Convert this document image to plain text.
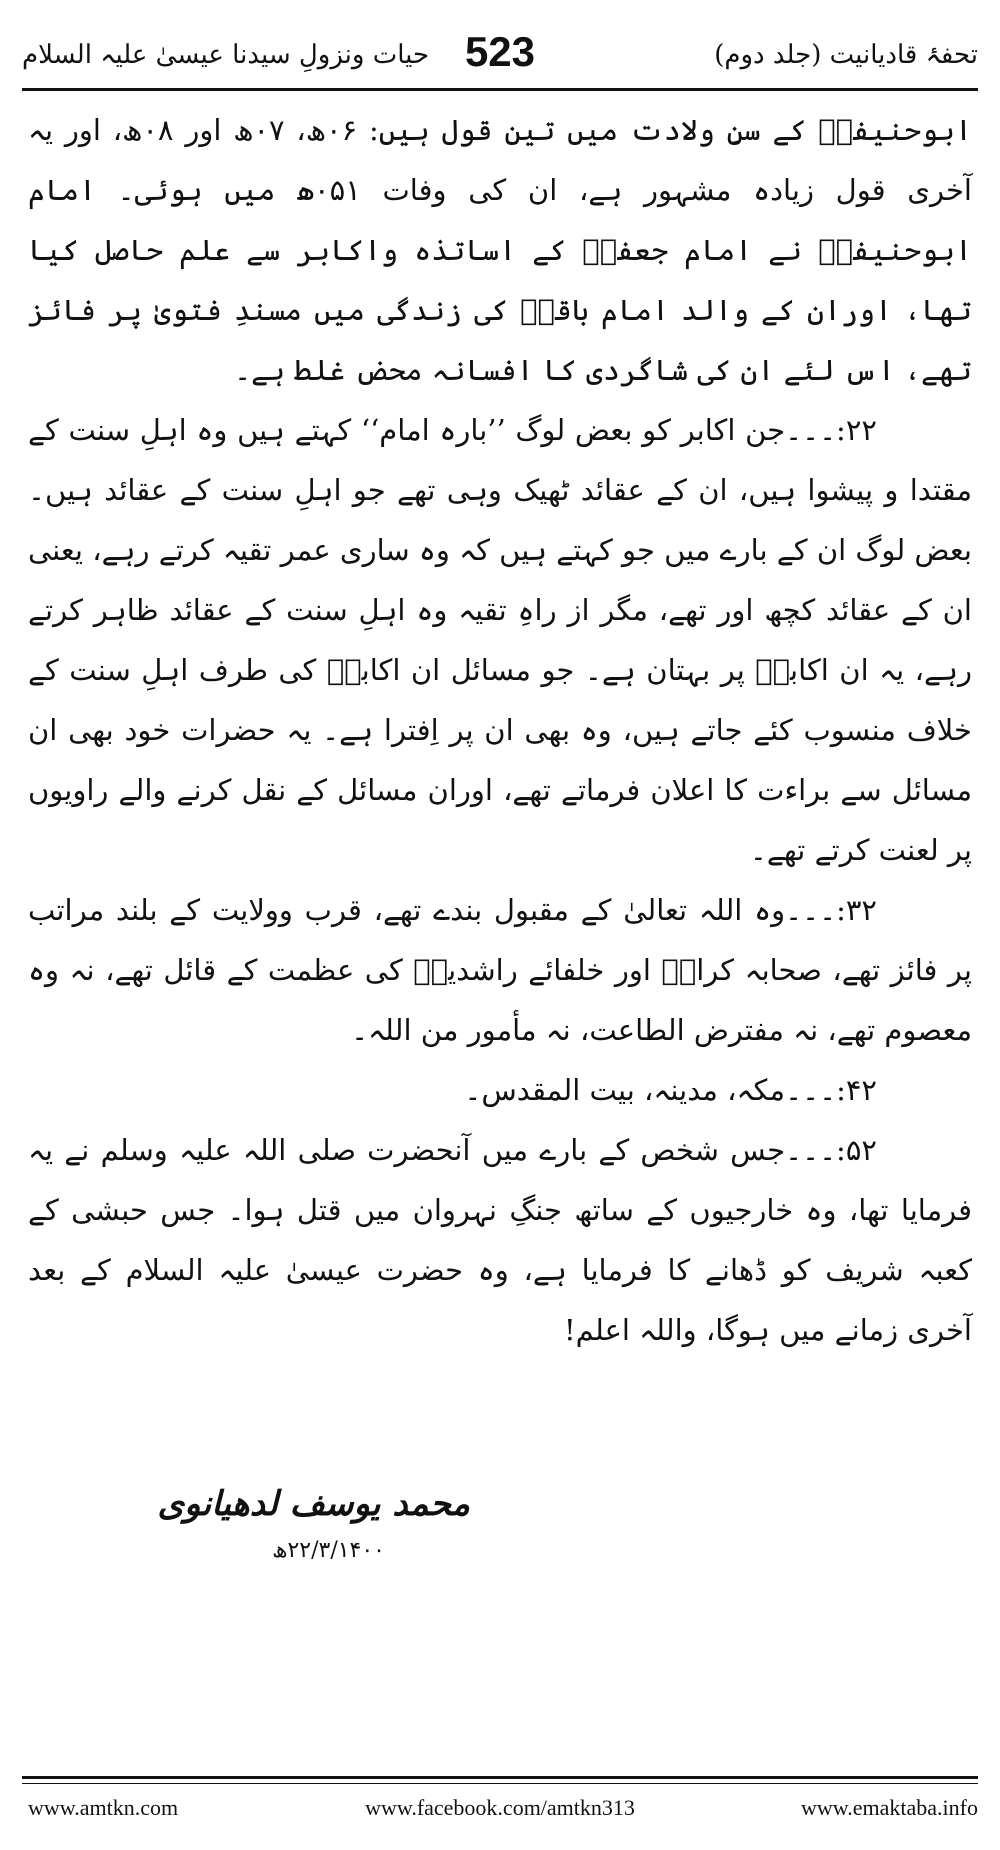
تحفۂ قادیانیت (جلد دوم)
523
حیات ونزولِ سیدنا عیسیٰ علیہ السلام

ابوحنیفہؒ کے سنِ ولادت میں تین قول ہیں: ۰۶ھ، ۰۷ھ اور ۰۸ھ، اور یہ آخری قول زیادہ مشہور ہے، ان کی وفات ۰۵۱ھ میں ہوئی۔ امام ابوحنیفہؒ نے امام جعفرؒ کے اساتذہ واکابر سے علم حاصل کیا تھا، اوران کے والد امام باقرؒ کی زندگی میں مسندِ فتویٰ پر فائز تھے، اس لئے ان کی شاگردی کا افسانہ محض غلط ہے۔

۲۲:۔۔۔جن اکابر کو بعض لوگ ’’بارہ امام‘‘ کہتے ہیں وہ اہلِ سنت کے مقتدا و پیشوا ہیں، ان کے عقائد ٹھیک وہی تھے جو اہلِ سنت کے عقائد ہیں۔ بعض لوگ ان کے بارے میں جو کہتے ہیں کہ وہ ساری عمر تقیہ کرتے رہے، یعنی ان کے عقائد کچھ اور تھے، مگر از راہِ تقیہ وہ اہلِ سنت کے عقائد ظاہر کرتے رہے، یہ ان اکابرؒ پر بہتان ہے۔ جو مسائل ان اکابرؒ کی طرف اہلِ سنت کے خلاف منسوب کئے جاتے ہیں، وہ بھی ان پر اِفترا ہے۔ یہ حضرات خود بھی ان مسائل سے براءت کا اعلان فرماتے تھے، اوران مسائل کے نقل کرنے والے راویوں پر لعنت کرتے تھے۔

۳۲:۔۔۔وہ اللہ تعالیٰ کے مقبول بندے تھے، قرب وولایت کے بلند مراتب پر فائز تھے، صحابہ کرامؓ اور خلفائے راشدینؓ کی عظمت کے قائل تھے، نہ وہ معصوم تھے، نہ مفترض الطاعت، نہ مأمور من اللہ۔

۴۲:۔۔۔مکہ، مدینہ، بیت المقدس۔

۵۲:۔۔۔جس شخص کے بارے میں آنحضرت صلی اللہ علیہ وسلم نے یہ فرمایا تھا، وہ خارجیوں کے ساتھ جنگِ نہروان میں قتل ہوا۔ جس حبشی کے کعبہ شریف کو ڈھانے کا فرمایا ہے، وہ حضرت عیسیٰ علیہ السلام کے بعد آخری زمانے میں ہوگا، واللہ اعلم!

محمد یوسف لدھیانوی
۲۲/۳/۱۴۰۰ھ
www.amtkn.com	www.facebook.com/amtkn313	www.emaktaba.info
